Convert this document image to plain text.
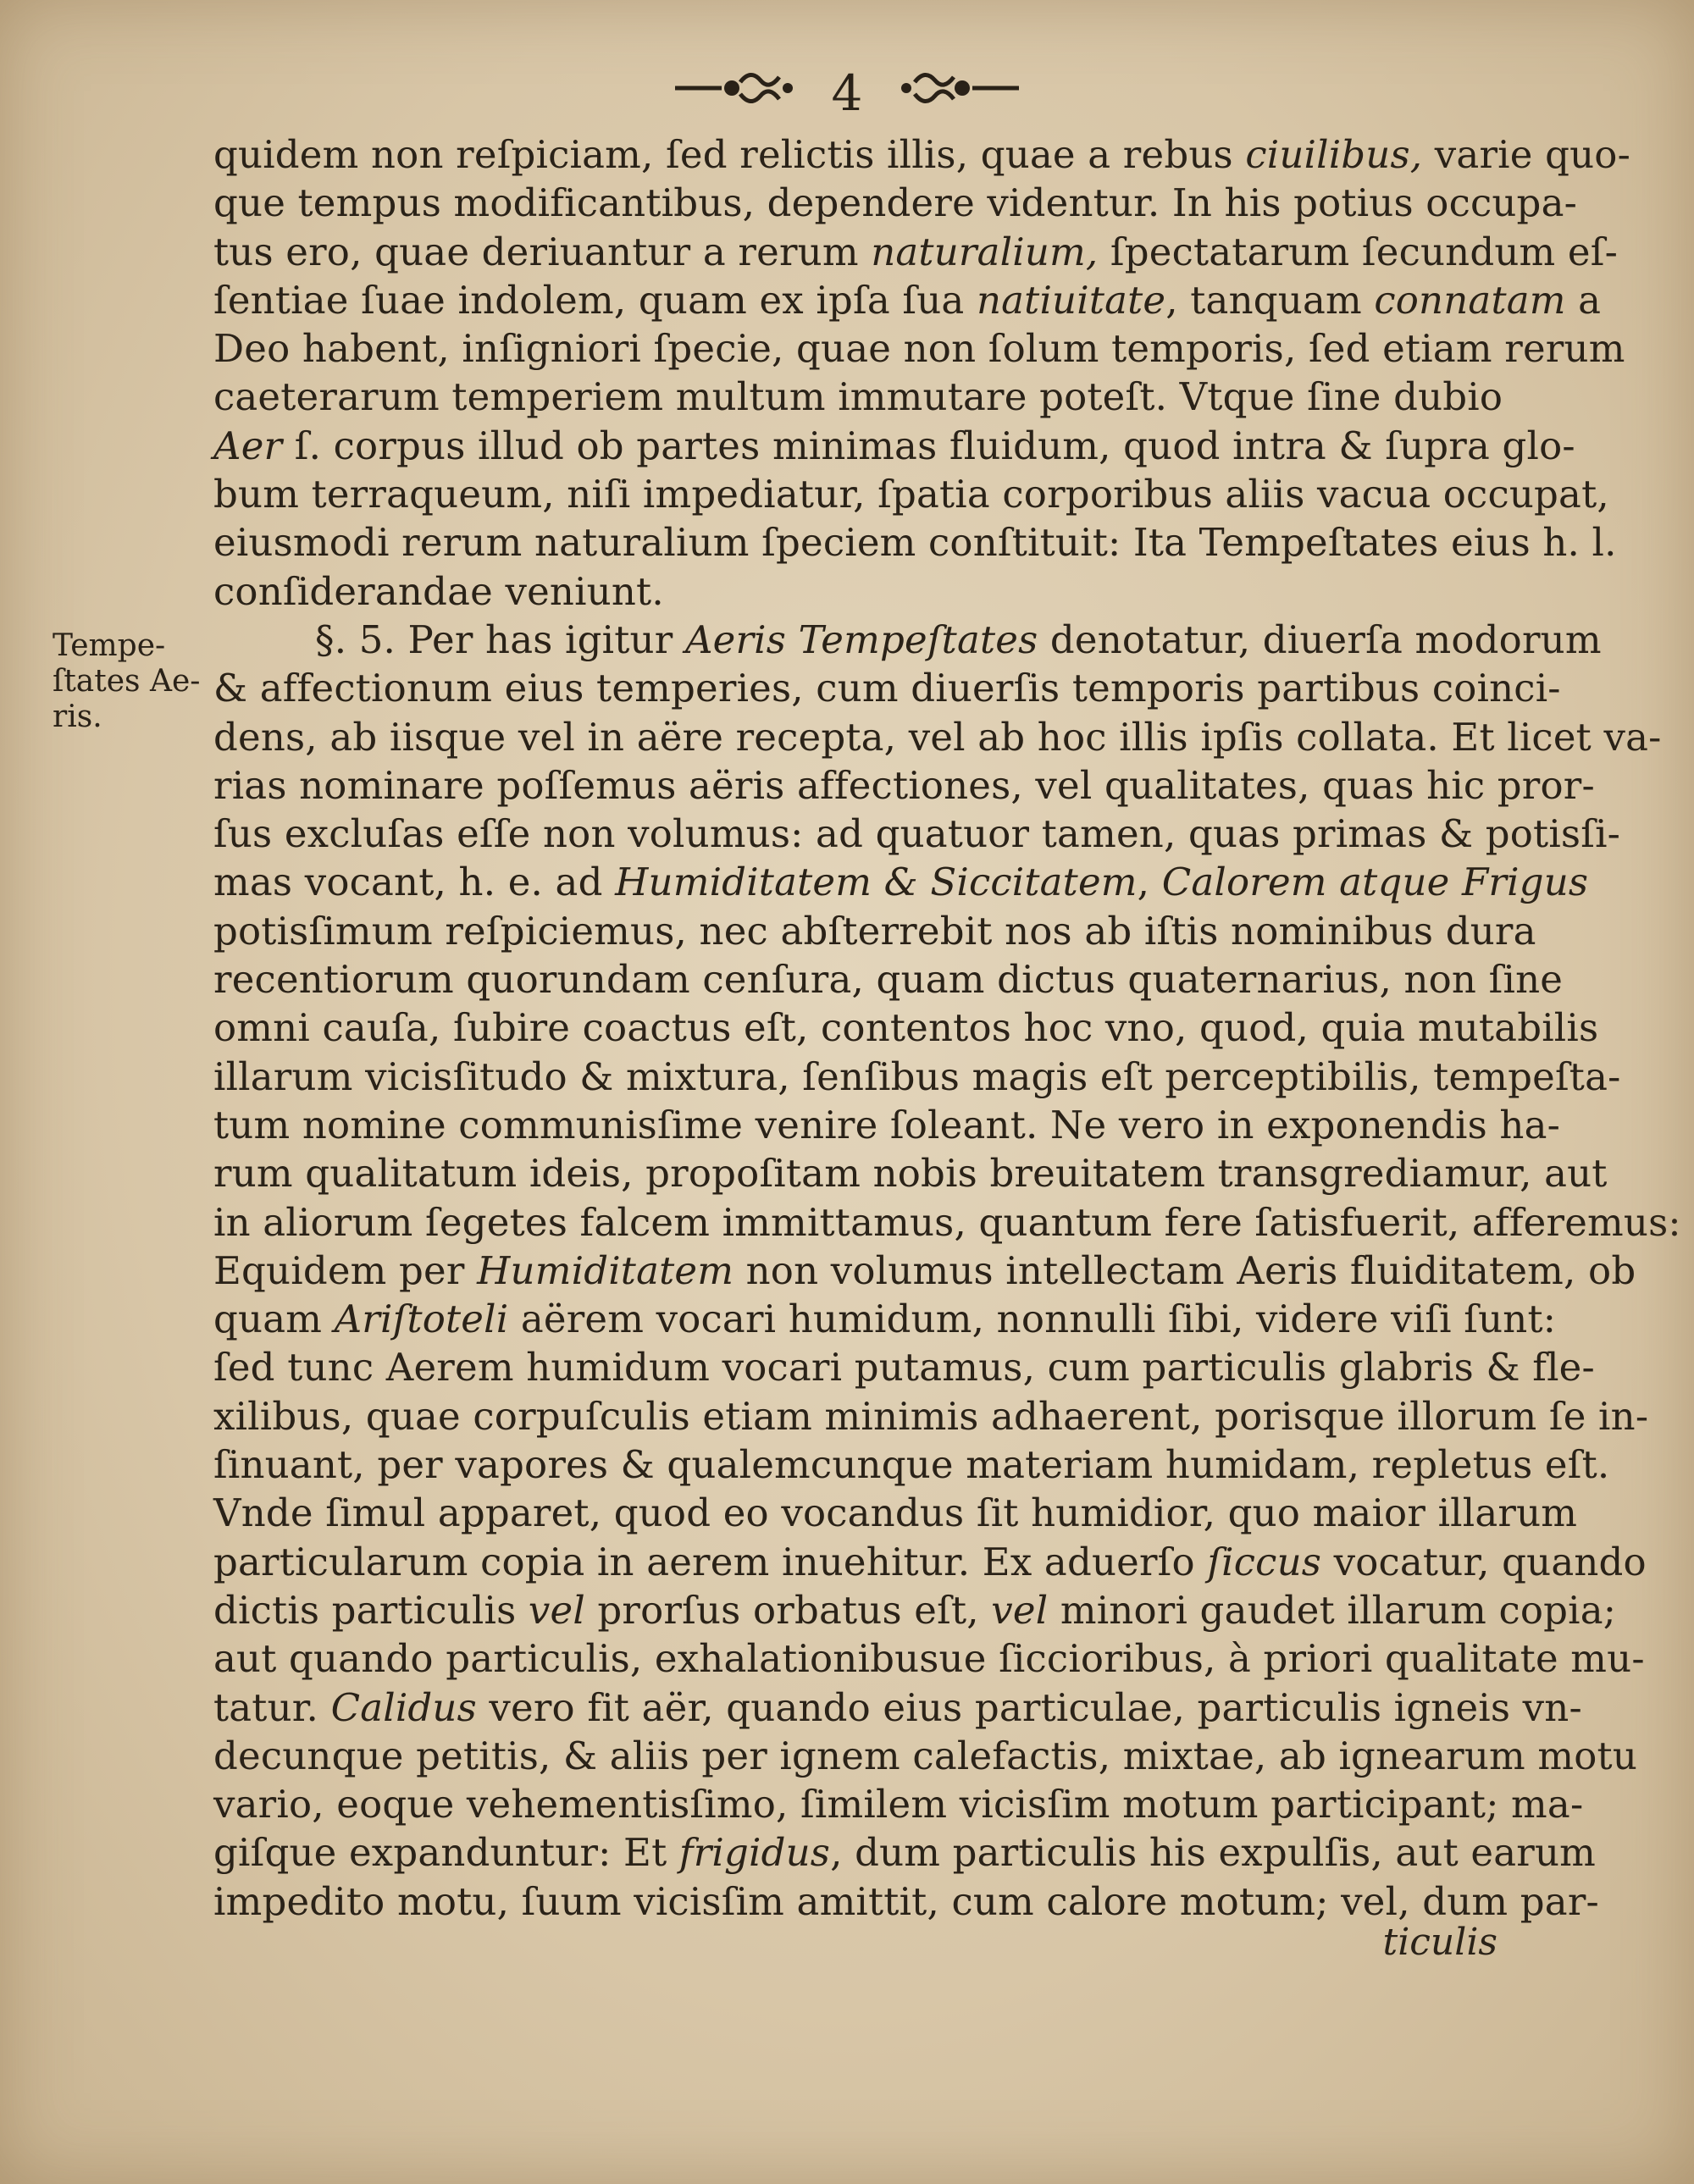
4
Tempe-
ſtates Ae-
ris.
quidem non reſpiciam, ſed relictis illis, quae a rebus ciuilibus, varie quo-
que tempus modificantibus, dependere videntur. In his potius occupa-
tus ero, quae deriuantur a rerum naturalium, ſpectatarum ſecundum eſ-
ſentiae ſuae indolem, quam ex ipſa ſua natiuitate, tanquam connatam a
Deo habent, inſigniori ſpecie, quae non ſolum temporis, ſed etiam rerum
caeterarum temperiem multum immutare poteſt. Vtque ſine dubio
Aer ſ. corpus illud ob partes minimas fluidum, quod intra & ſupra glo-
bum terraqueum, niſi impediatur, ſpatia corporibus aliis vacua occupat,
eiusmodi rerum naturalium ſpeciem conſtituit: Ita Tempeſtates eius h. l.
conſiderandae veniunt.
§. 5. Per has igitur Aeris Tempeſtates denotatur, diuerſa modorum
& affectionum eius temperies, cum diuerſis temporis partibus coinci-
dens, ab iisque vel in aëre recepta, vel ab hoc illis ipſis collata. Et licet va-
rias nominare poſſemus aëris affectiones, vel qualitates, quas hic pror-
ſus excluſas eſſe non volumus: ad quatuor tamen, quas primas & potisſi-
mas vocant, h. e. ad Humiditatem & Siccitatem, Calorem atque Frigus
potisſimum reſpiciemus, nec abſterrebit nos ab iſtis nominibus dura
recentiorum quorundam cenſura, quam dictus quaternarius, non ſine
omni cauſa, ſubire coactus eſt, contentos hoc vno, quod, quia mutabilis
illarum vicisſitudo & mixtura, ſenſibus magis eſt perceptibilis, tempeſta-
tum nomine communisſime venire ſoleant. Ne vero in exponendis ha-
rum qualitatum ideis, propoſitam nobis breuitatem transgrediamur, aut
in aliorum ſegetes falcem immittamus, quantum fere ſatisfuerit, afferemus:
Equidem per Humiditatem non volumus intellectam Aeris fluiditatem, ob
quam Ariſtoteli aërem vocari humidum, nonnulli ſibi, videre viſi ſunt:
ſed tunc Aerem humidum vocari putamus, cum particulis glabris & fle-
xilibus, quae corpuſculis etiam minimis adhaerent, porisque illorum ſe in-
ſinuant, per vapores & qualemcunque materiam humidam, repletus eſt.
Vnde ſimul apparet, quod eo vocandus ſit humidior, quo maior illarum
particularum copia in aerem inuehitur. Ex aduerſo ſiccus vocatur, quando
dictis particulis vel prorſus orbatus eſt, vel minori gaudet illarum copia;
aut quando particulis, exhalationibusue ſiccioribus, à priori qualitate mu-
tatur. Calidus vero fit aër, quando eius particulae, particulis igneis vn-
decunque petitis, & aliis per ignem calefactis, mixtae, ab ignearum motu
vario, eoque vehementisſimo, ſimilem vicisſim motum participant; ma-
giſque expanduntur: Et frigidus, dum particulis his expulſis, aut earum
impedito motu, ſuum vicisſim amittit, cum calore motum; vel, dum par-
ticulis
